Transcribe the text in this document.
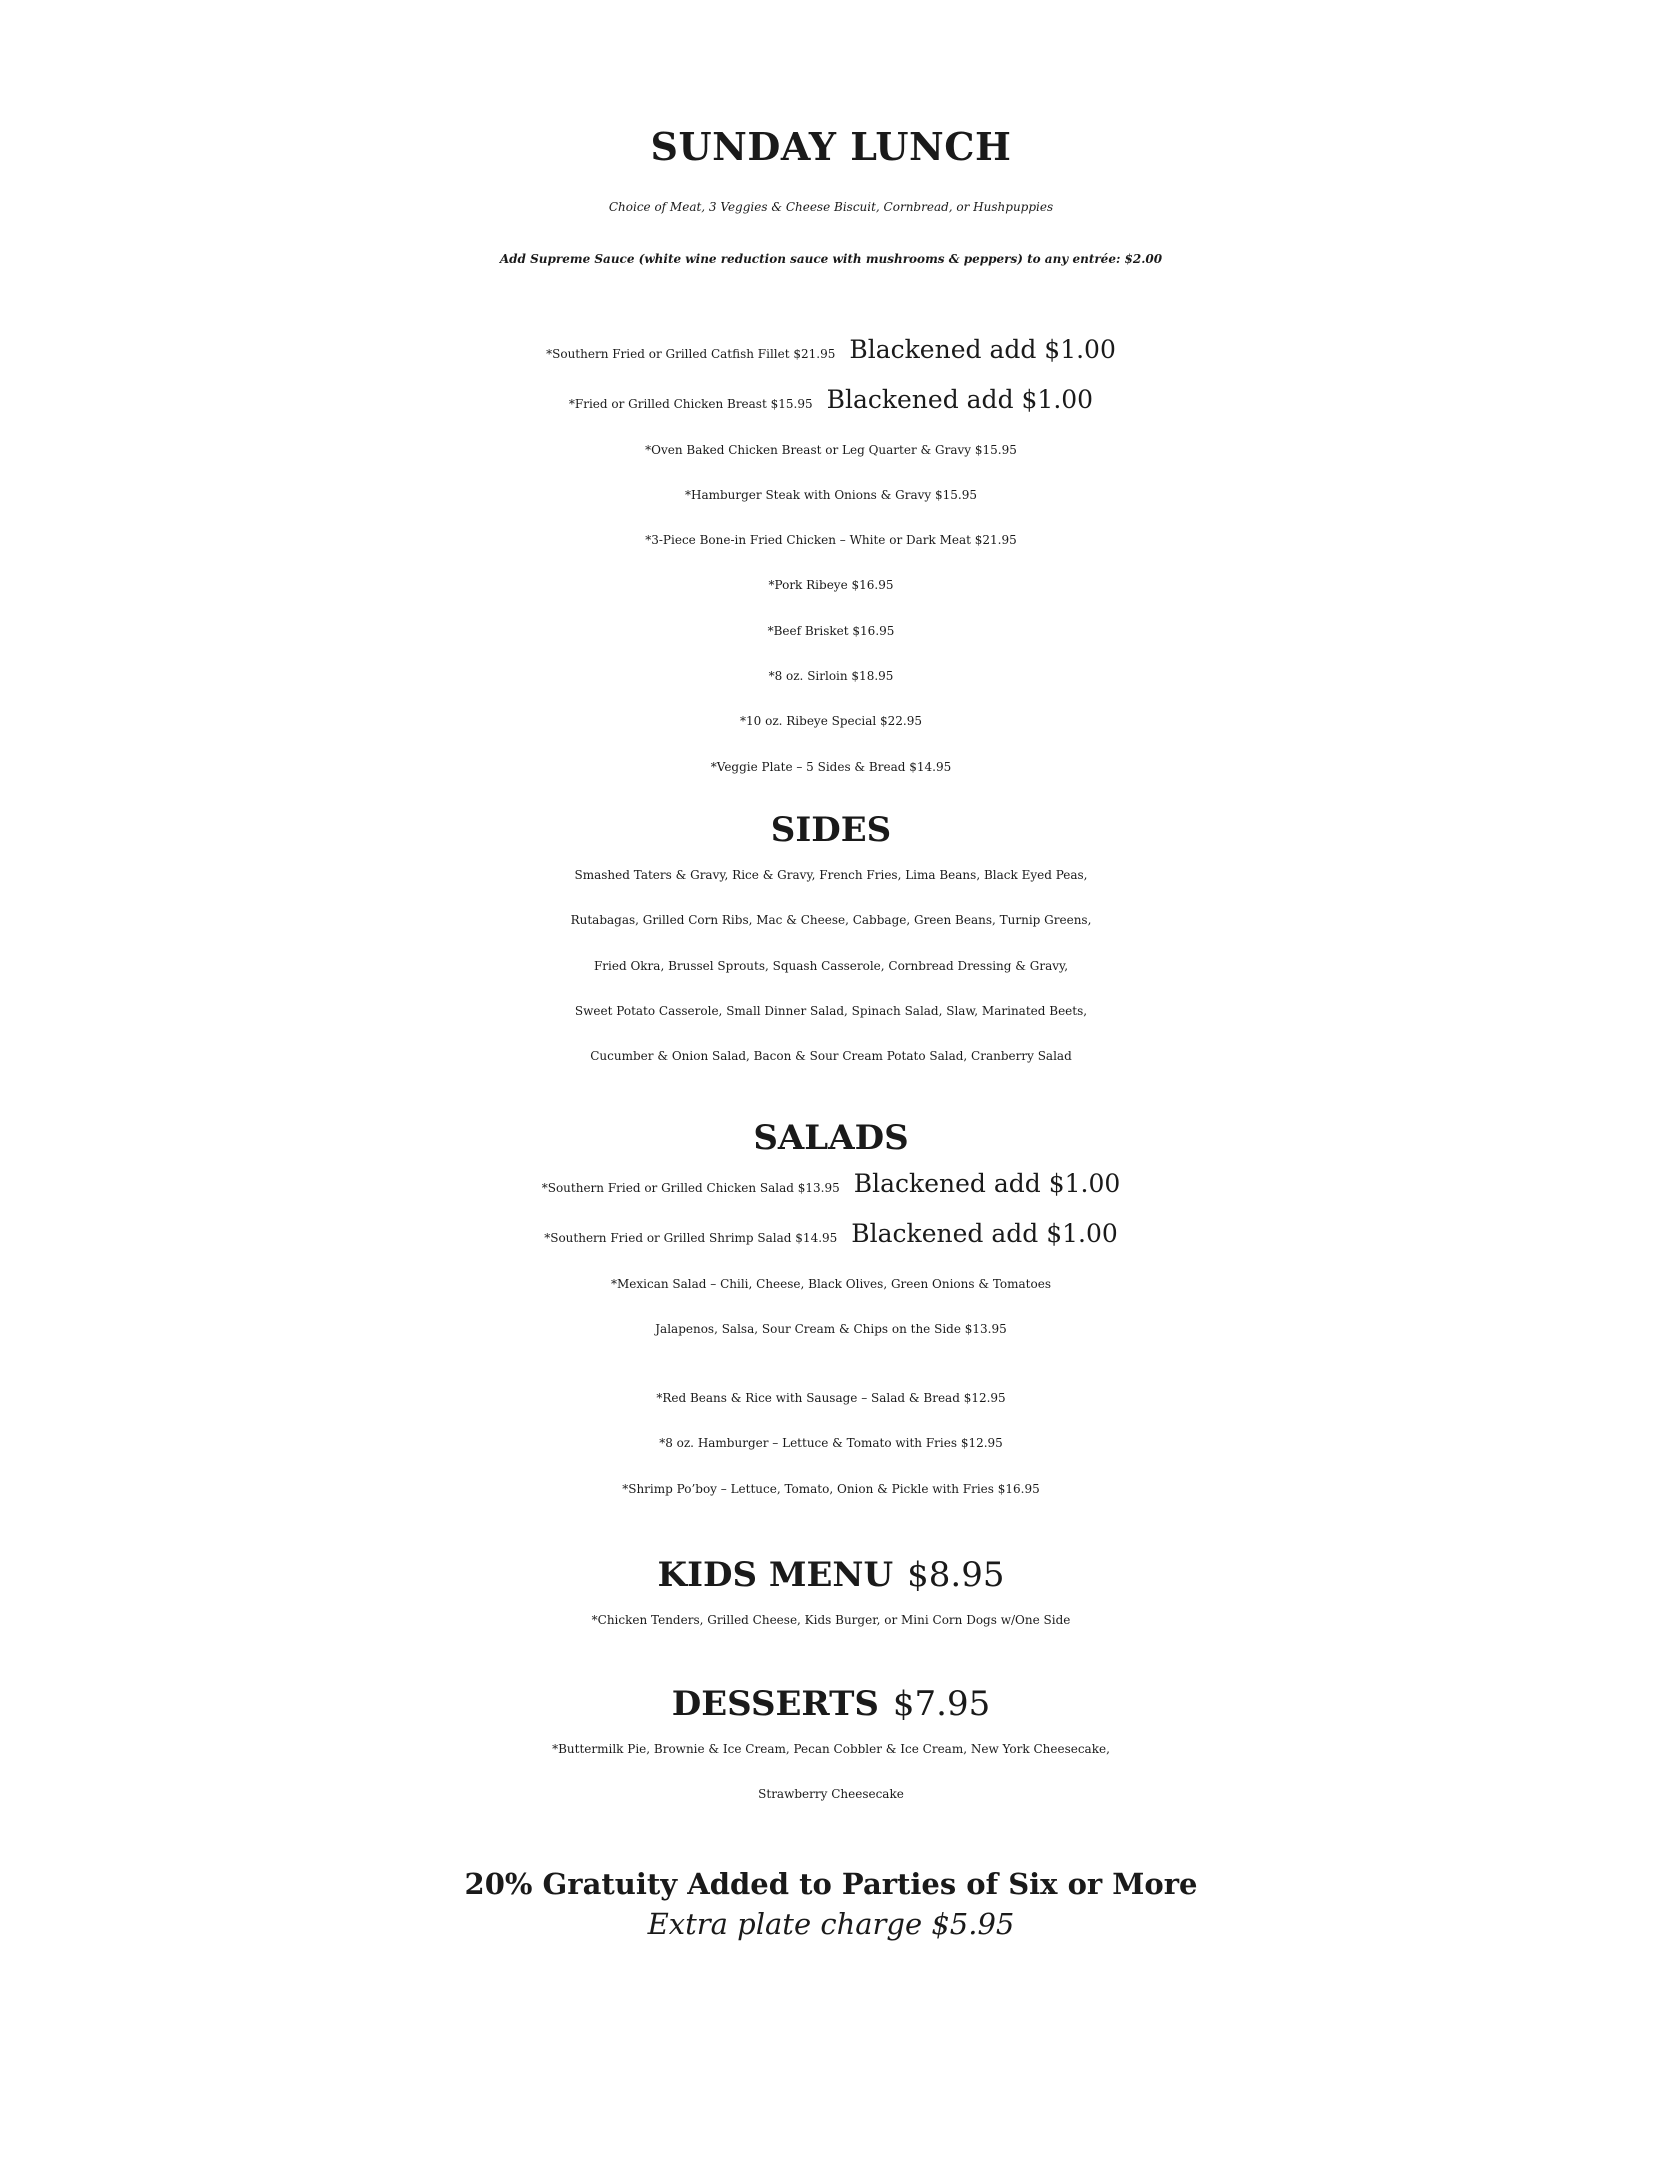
SUNDAY LUNCH
Choice of Meat, 3 Veggies & Cheese Biscuit, Cornbread, or Hushpuppies
Add Supreme Sauce (white wine reduction sauce with mushrooms & peppers) to any entrée: $2.00
*Southern Fried or Grilled Catfish Fillet $21.95 Blackened add $1.00
*Fried or Grilled Chicken Breast $15.95 Blackened add $1.00
*Oven Baked Chicken Breast or Leg Quarter & Gravy $15.95
*Hamburger Steak with Onions & Gravy $15.95
*3-Piece Bone-in Fried Chicken – White or Dark Meat $21.95
*Pork Ribeye $16.95
*Beef Brisket $16.95
*8 oz. Sirloin $18.95
*10 oz. Ribeye Special $22.95
*Veggie Plate – 5 Sides & Bread $14.95
SIDES
Smashed Taters & Gravy, Rice & Gravy, French Fries, Lima Beans, Black Eyed Peas,
Rutabagas, Grilled Corn Ribs, Mac & Cheese, Cabbage, Green Beans, Turnip Greens,
Fried Okra, Brussel Sprouts, Squash Casserole, Cornbread Dressing & Gravy,
Sweet Potato Casserole, Small Dinner Salad, Spinach Salad, Slaw, Marinated Beets,
Cucumber & Onion Salad, Bacon & Sour Cream Potato Salad, Cranberry Salad
SALADS
*Southern Fried or Grilled Chicken Salad $13.95 Blackened add $1.00
*Southern Fried or Grilled Shrimp Salad $14.95 Blackened add $1.00
*Mexican Salad – Chili, Cheese, Black Olives, Green Onions & Tomatoes
Jalapenos, Salsa, Sour Cream & Chips on the Side $13.95
*Red Beans & Rice with Sausage – Salad & Bread $12.95
*8 oz. Hamburger – Lettuce & Tomato with Fries $12.95
*Shrimp Po’boy – Lettuce, Tomato, Onion & Pickle with Fries $16.95
KIDS MENU $8.95
*Chicken Tenders, Grilled Cheese, Kids Burger, or Mini Corn Dogs w/One Side
DESSERTS $7.95
*Buttermilk Pie, Brownie & Ice Cream, Pecan Cobbler & Ice Cream, New York Cheesecake,
Strawberry Cheesecake
20% Gratuity Added to Parties of Six or More
Extra plate charge $5.95
